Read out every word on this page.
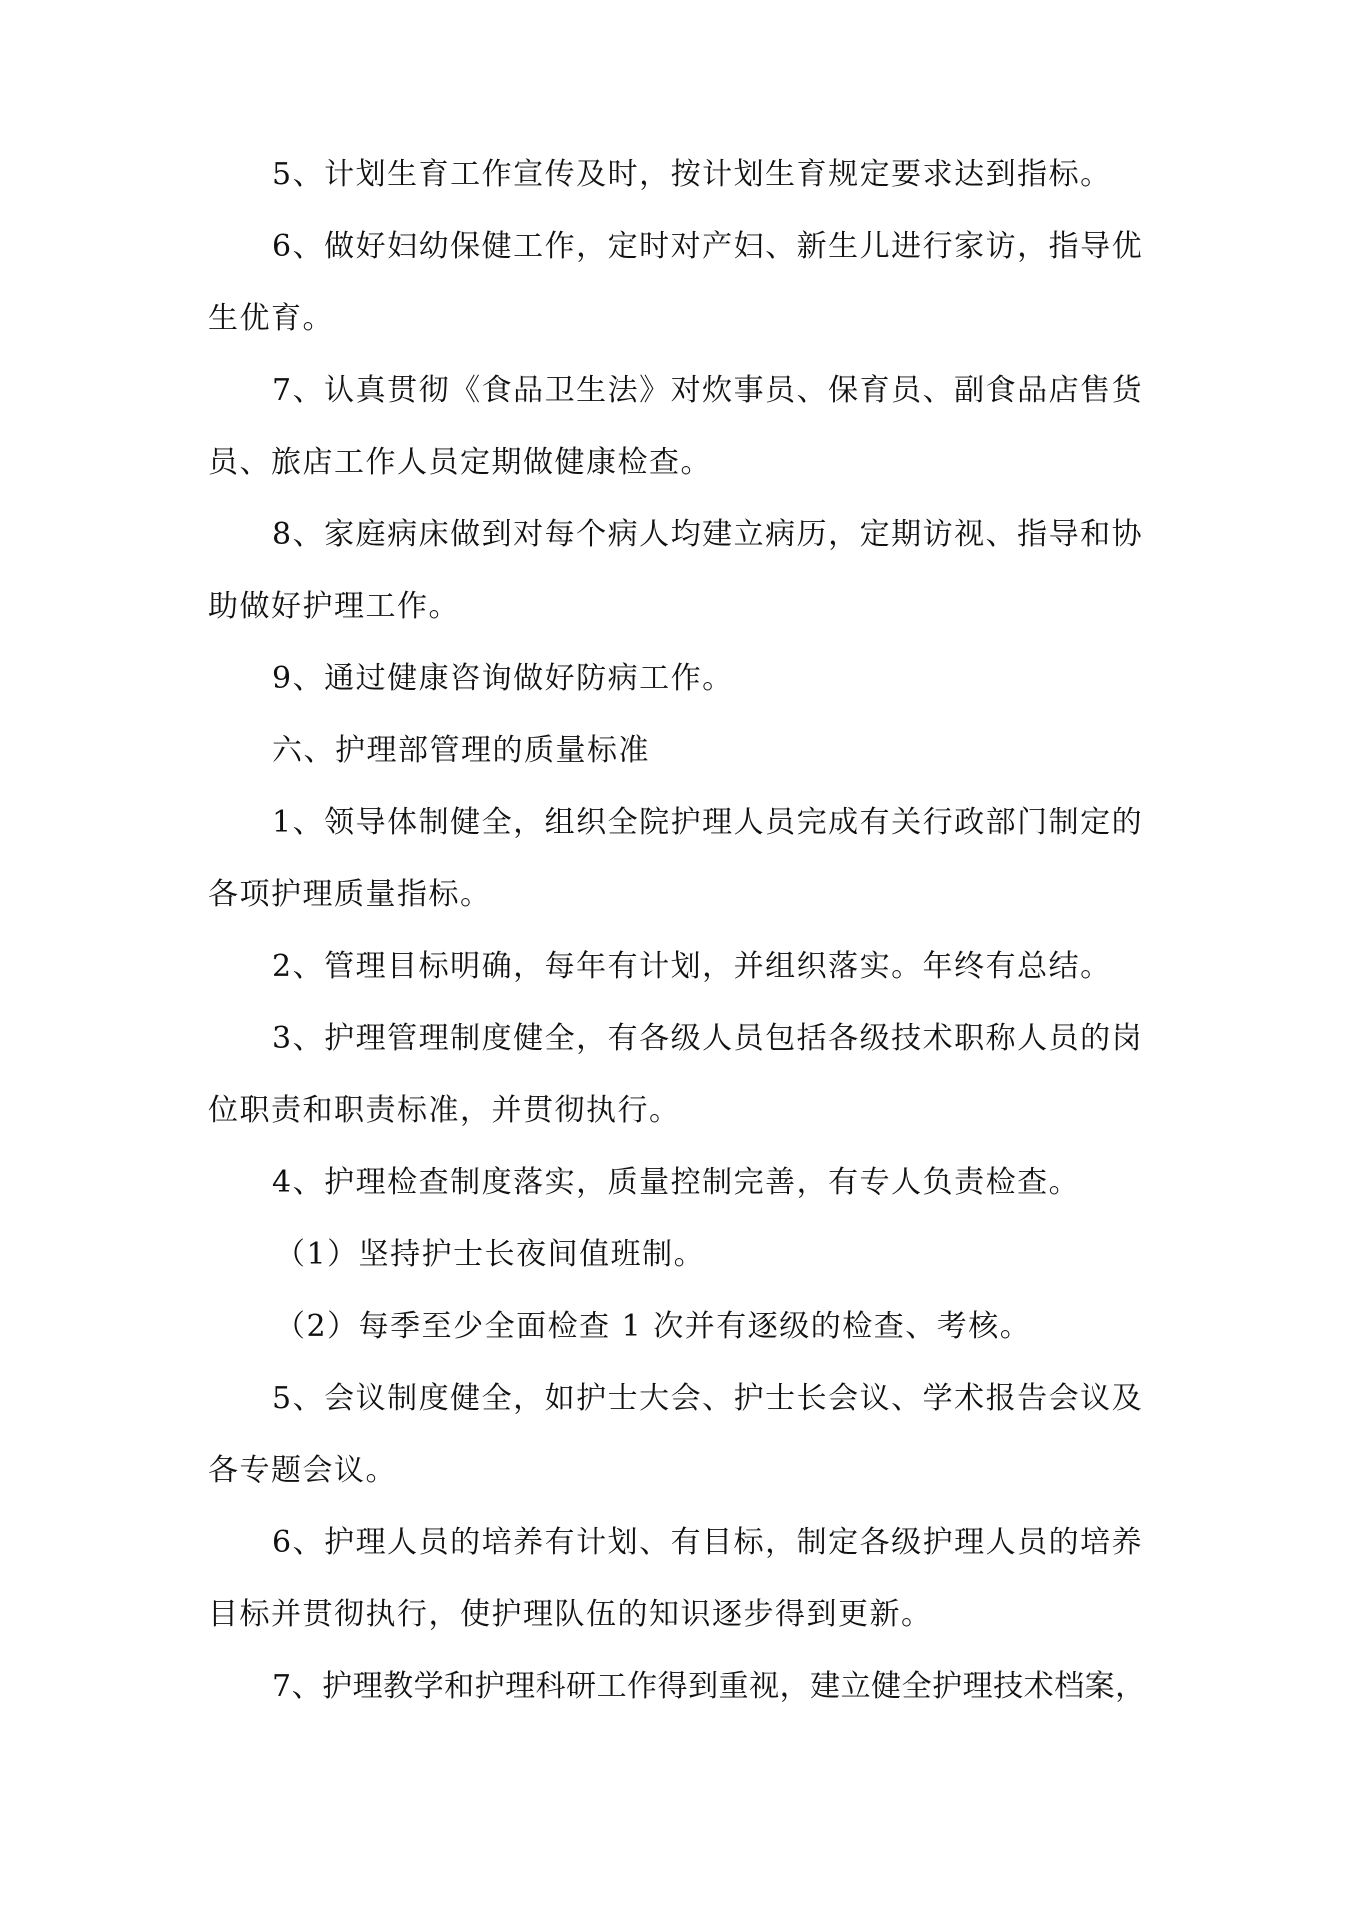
5、计划生育工作宣传及时，按计划生育规定要求达到指标。

6、做好妇幼保健工作，定时对产妇、新生儿进行家访，指导优

生优育。

7、认真贯彻《食品卫生法》对炊事员、保育员、副食品店售货

员、旅店工作人员定期做健康检查。

8、家庭病床做到对每个病人均建立病历，定期访视、指导和协

助做好护理工作。

9、通过健康咨询做好防病工作。

六、护理部管理的质量标准

1、领导体制健全，组织全院护理人员完成有关行政部门制定的

各项护理质量指标。

2、管理目标明确，每年有计划，并组织落实。年终有总结。

3、护理管理制度健全，有各级人员包括各级技术职称人员的岗

位职责和职责标准，并贯彻执行。

4、护理检查制度落实，质量控制完善，有专人负责检查。

（1）坚持护士长夜间值班制。

（2）每季至少全面检查 1 次并有逐级的检查、考核。

5、会议制度健全，如护士大会、护士长会议、学术报告会议及

各专题会议。

6、护理人员的培养有计划、有目标，制定各级护理人员的培养

目标并贯彻执行，使护理队伍的知识逐步得到更新。

7、护理教学和护理科研工作得到重视，建立健全护理技术档案，
